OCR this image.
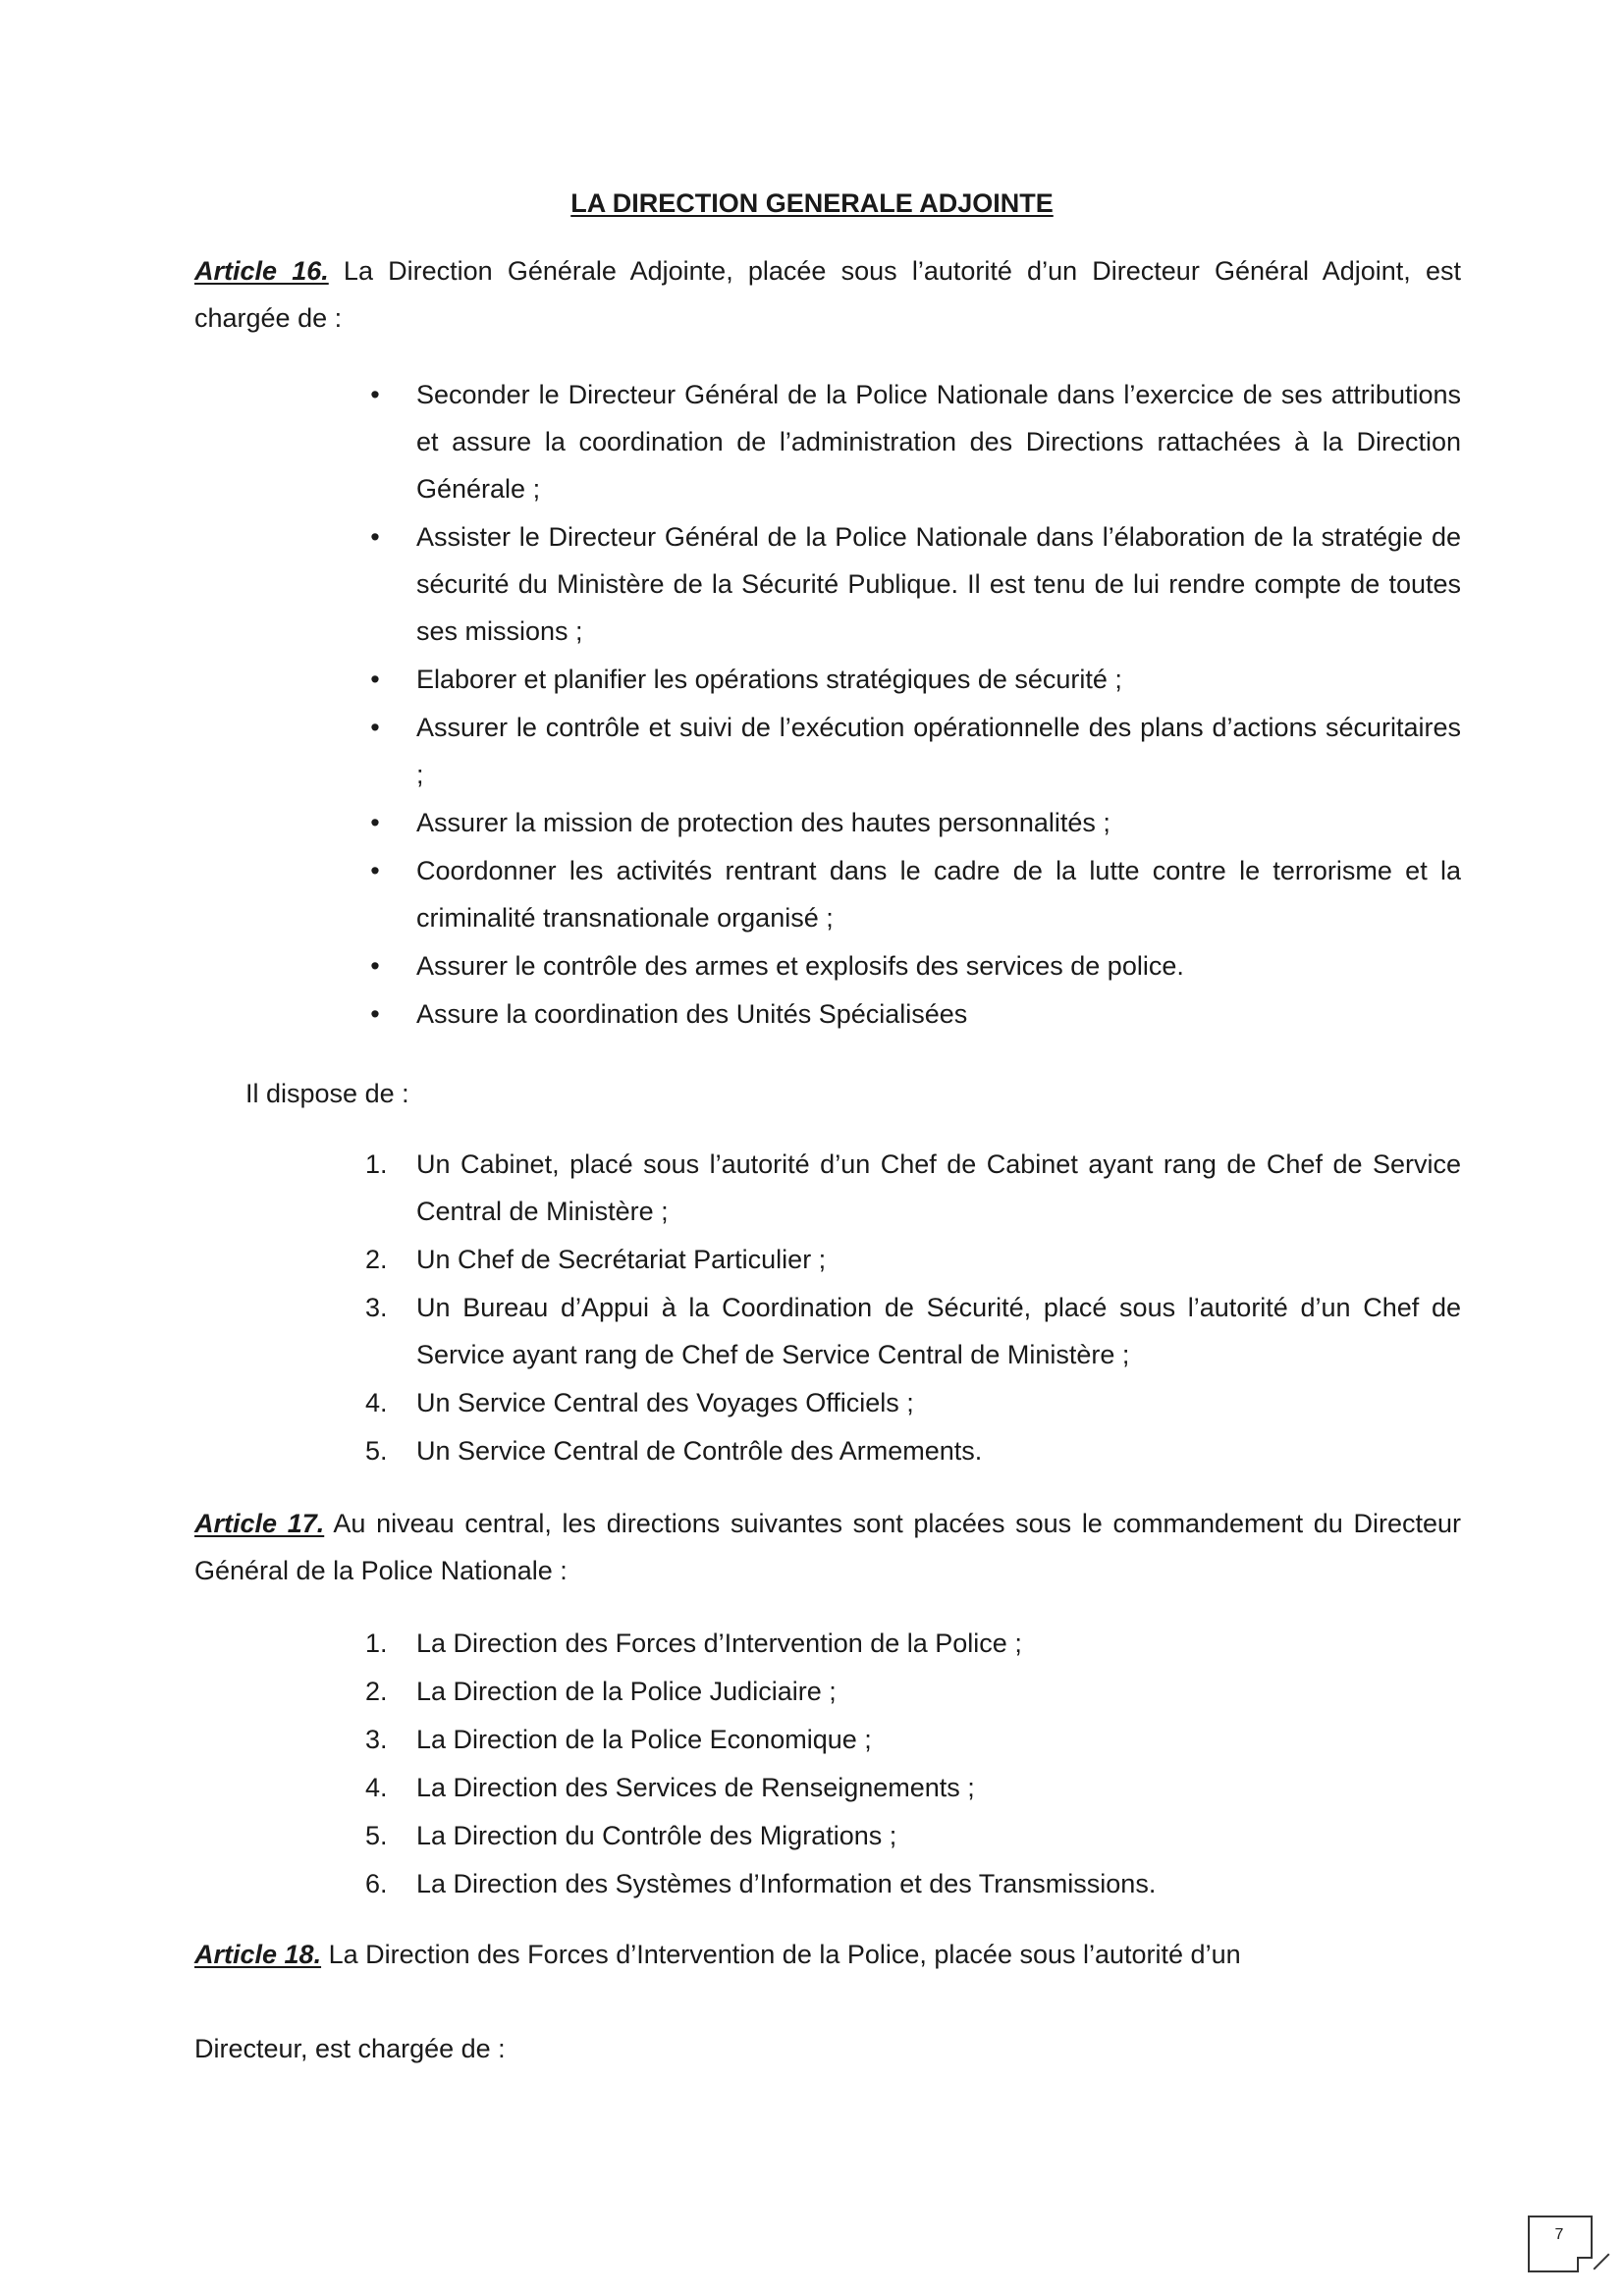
LA DIRECTION GENERALE ADJOINTE
Article 16. La Direction Générale Adjointe, placée sous l’autorité d’un Directeur Général Adjoint, est chargée de :
• Seconder le Directeur Général de la Police Nationale dans l’exercice de ses attributions et assure la coordination de l’administration des Directions rattachées à la Direction Générale ;
• Assister le Directeur Général de la Police Nationale dans l’élaboration de la stratégie de sécurité du Ministère de la Sécurité Publique. Il est tenu de lui rendre compte de toutes ses missions ;
• Elaborer et planifier les opérations stratégiques de sécurité ;
• Assurer le contrôle et suivi de l’exécution opérationnelle des plans d’actions sécuritaires ;
• Assurer la mission de protection des hautes personnalités ;
• Coordonner les activités rentrant dans le cadre de la lutte contre le terrorisme et la criminalité transnationale organisé ;
• Assurer le contrôle des armes et explosifs des services de police.
• Assure la coordination des Unités Spécialisées
Il dispose de :
1.	Un Cabinet, placé sous l’autorité d’un Chef de Cabinet ayant rang de Chef de Service Central de Ministère ;
2.	Un Chef de Secrétariat Particulier ;
3.	Un Bureau d’Appui à la Coordination de Sécurité, placé sous l’autorité d’un Chef de Service ayant rang de Chef de Service Central de Ministère ;
4.	Un Service Central des Voyages Officiels ;
5.	Un Service Central de Contrôle des Armements.
Article 17. Au niveau central, les directions suivantes sont placées sous le commandement du Directeur Général de la Police Nationale :
1.	La Direction des Forces d’Intervention de la Police ;
2.	La Direction de la Police Judiciaire ;
3.	La Direction de la Police Economique ;
4.	La Direction des Services de Renseignements ;
5.	La Direction du Contrôle des Migrations ;
6.	La Direction des Systèmes d’Information et des Transmissions.
Article 18. La Direction des Forces d’Intervention de la Police, placée sous l’autorité d’un
Directeur, est chargée de :
7
